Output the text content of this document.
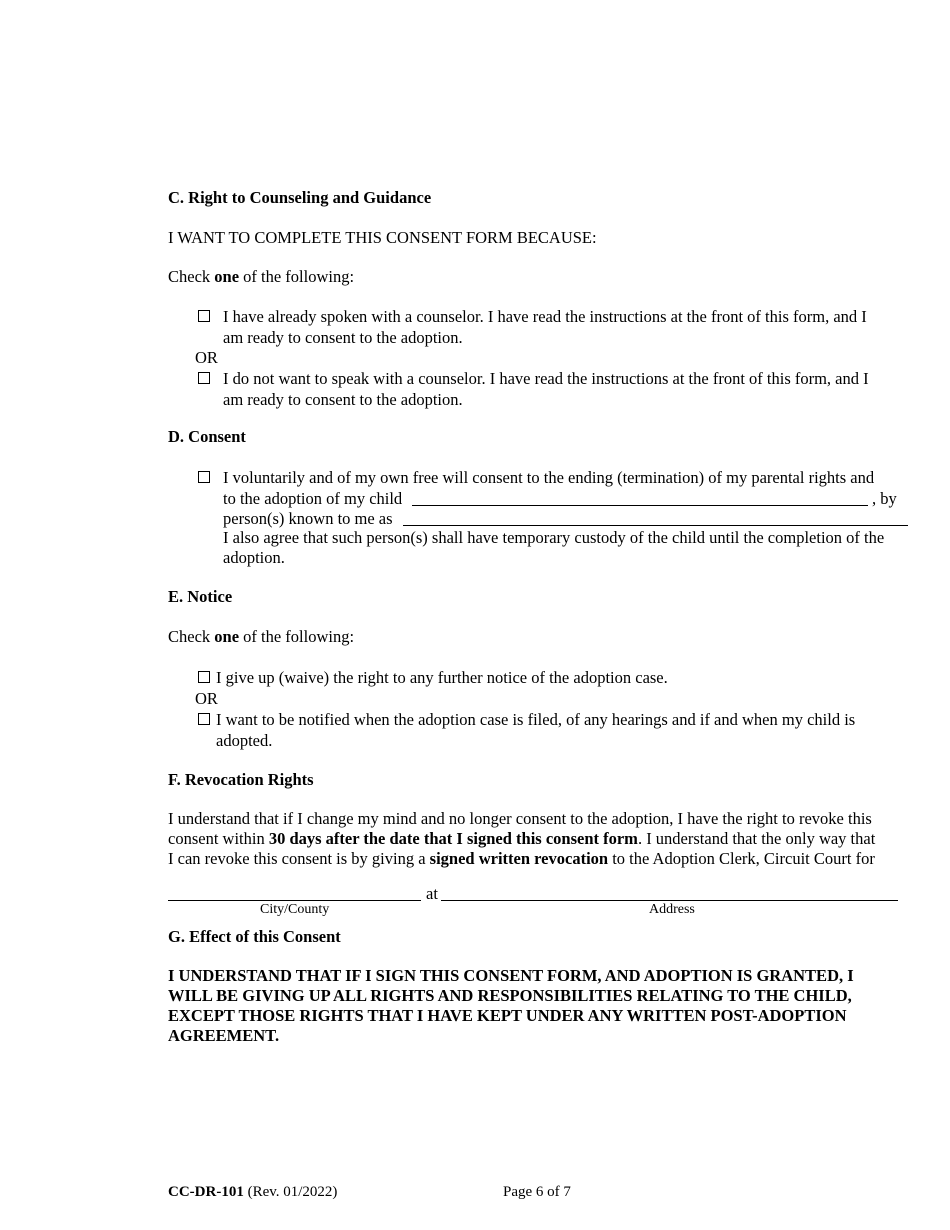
C. Right to Counseling and Guidance
I WANT TO COMPLETE THIS CONSENT FORM BECAUSE:
Check one of the following:
I have already spoken with a counselor. I have read the instructions at the front of this form, and I
am ready to consent to the adoption.
OR
I do not want to speak with a counselor. I have read the instructions at the front of this form, and I
am ready to consent to the adoption.
D. Consent
I voluntarily and of my own free will consent to the ending (termination) of my parental rights and
to the adoption of my child	, by
person(s) known to me as
I also agree that such person(s) shall have temporary custody of the child until the completion of the
adoption.
E. Notice
Check one of the following:
I give up (waive) the right to any further notice of the adoption case.
OR
I want to be notified when the adoption case is filed, of any hearings and if and when my child is
adopted.
F. Revocation Rights
I understand that if I change my mind and no longer consent to the adoption, I have the right to revoke this
consent within 30 days after the date that I signed this consent form. I understand that the only way that
I can revoke this consent is by giving a signed written revocation to the Adoption Clerk, Circuit Court for
at
City/County	Address
G. Effect of this Consent
I UNDERSTAND THAT IF I SIGN THIS CONSENT FORM, AND ADOPTION IS GRANTED, I
WILL BE GIVING UP ALL RIGHTS AND RESPONSIBILITIES RELATING TO THE CHILD,
EXCEPT THOSE RIGHTS THAT I HAVE KEPT UNDER ANY WRITTEN POST-ADOPTION
AGREEMENT.
CC-DR-101 (Rev. 01/2022)	Page 6 of 7
